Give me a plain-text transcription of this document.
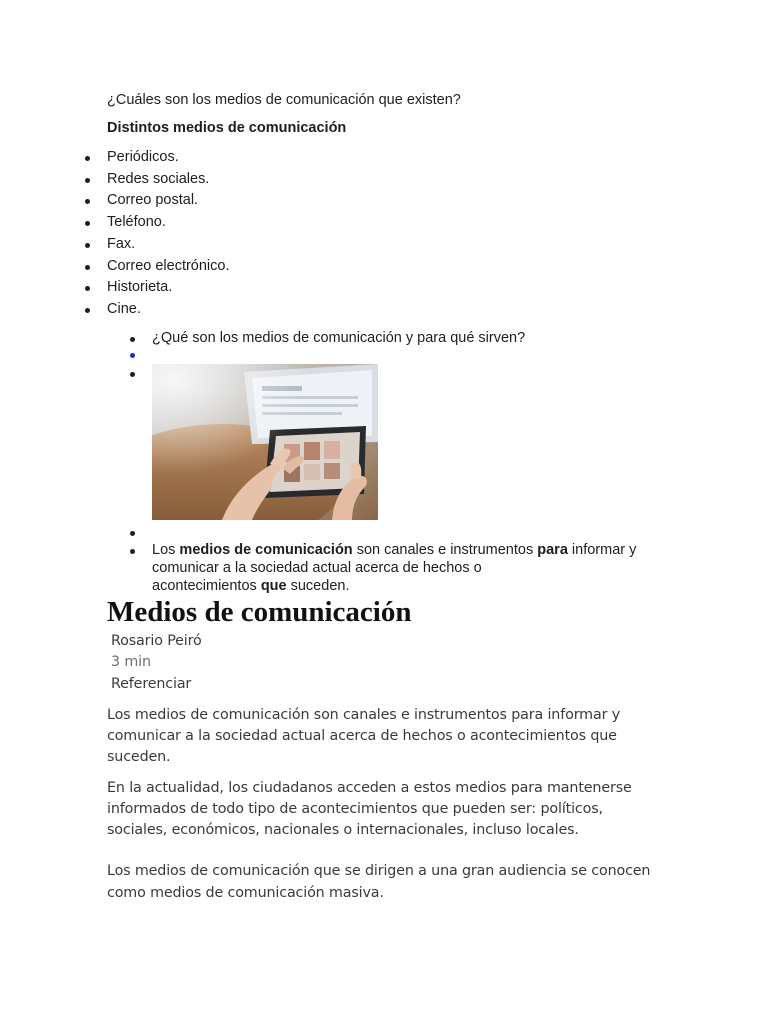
¿Cuáles son los medios de comunicación que existen?
Distintos medios de comunicación
Periódicos.
Redes sociales.
Correo postal.
Teléfono.
Fax.
Correo electrónico.
Historieta.
Cine.
¿Qué son los medios de comunicación y para qué sirven?
Los medios de comunicación son canales e instrumentos para informar y
comunicar a la sociedad actual acerca de hechos o
acontecimientos que suceden.
Medios de comunicación
Rosario Peiró
3 min
Referenciar
Los medios de comunicación son canales e instrumentos para informar y
comunicar a la sociedad actual acerca de hechos o acontecimientos que
suceden.
En la actualidad, los ciudadanos acceden a estos medios para mantenerse
informados de todo tipo de acontecimientos que pueden ser: políticos,
sociales, económicos, nacionales o internacionales, incluso locales.
Los medios de comunicación que se dirigen a una gran audiencia se conocen
como medios de comunicación masiva.
